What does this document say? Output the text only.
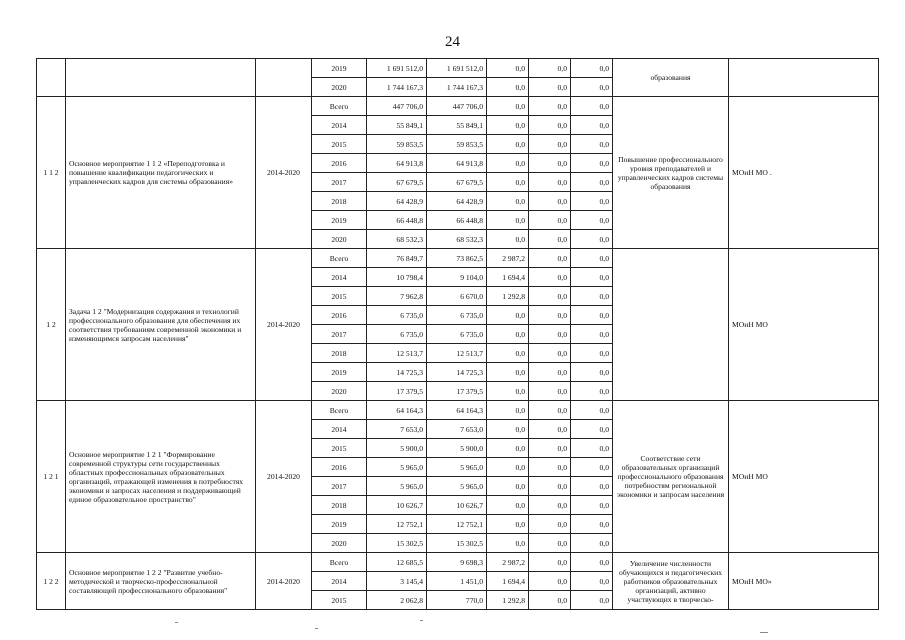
24
			2019	1 691 512,0	1 691 512,0	0,0	0,0	0,0	образования	
			2020	1 744 167,3	1 744 167,3	0,0	0,0	0,0		
1 1 2	Основное мероприятие 1 1 2 «Переподготовка и повышение квалификации педагогических и управленческих кадров для системы образования»	2014-2020	Всего	447 706,0	447 706,0	0,0	0,0	0,0	Повышение профессионального уровня преподавателей и управленческих кадров системы образования	МОиН МО .
			2014	55 849,1	55 849,1	0,0	0,0	0,0		
			2015	59 853,5	59 853,5	0,0	0,0	0,0		
			2016	64 913,8	64 913,8	0,0	0,0	0,0		
			2017	67 679,5	67 679,5	0,0	0,0	0,0		
			2018	64 428,9	64 428,9	0,0	0,0	0,0		
			2019	66 448,8	66 448,8	0,0	0,0	0,0		
			2020	68 532,3	68 532,3	0,0	0,0	0,0		
1 2	Задача 1 2 "Модернизация содержания и технологий профессионального образования для обеспечения их соответствия требованиям современной экономики и изменяющимся запросам населения"	2014-2020	Всего	76 849,7	73 862,5	2 987,2	0,0	0,0		МОиН МО
			2014	10 798,4	9 104,0	1 694,4	0,0	0,0		
			2015	7 962,8	6 670,0	1 292,8	0,0	0,0		
			2016	6 735,0	6 735,0	0,0	0,0	0,0		
			2017	6 735,0	6 735,0	0,0	0,0	0,0		
			2018	12 513,7	12 513,7	0,0	0,0	0,0		
			2019	14 725,3	14 725,3	0,0	0,0	0,0		
			2020	17 379,5	17 379,5	0,0	0,0	0,0		
1 2 1	Основное мероприятие 1 2 1 "Формирование современной структуры сети государственных областных профессиональных образовательных организаций, отражающей изменения в потребностях экономики и запросах населения и поддерживающей единое образовательное пространство"	2014-2020	Всего	64 164,3	64 164,3	0,0	0,0	0,0	Соответствие сети образовательных организаций профессионального образования потребностям региональной экономики и запросам населения	МОиН МО
			2014	7 653,0	7 653,0	0,0	0,0	0,0		
			2015	5 900,0	5 900,0	0,0	0,0	0,0		
			2016	5 965,0	5 965,0	0,0	0,0	0,0		
			2017	5 965,0	5 965,0	0,0	0,0	0,0		
			2018	10 626,7	10 626,7	0,0	0,0	0,0		
			2019	12 752,1	12 752,1	0,0	0,0	0,0		
			2020	15 302,5	15 302,5	0,0	0,0	0,0		
1 2 2	Основное мероприятие 1 2 2 "Развитие учебно-методической и творческо-профессиональной составляющей профессионального образования"	2014-2020	Всего	12 685,5	9 698,3	2 987,2	0,0	0,0	Увеличение численности обучающихся и педагогических работников образовательных организаций, активно участвующих в творческо-	МОиН МО»
			2014	3 145,4	1 451,0	1 694,4	0,0	0,0		
			2015	2 062,8	770,0	1 292,8	0,0	0,0		
